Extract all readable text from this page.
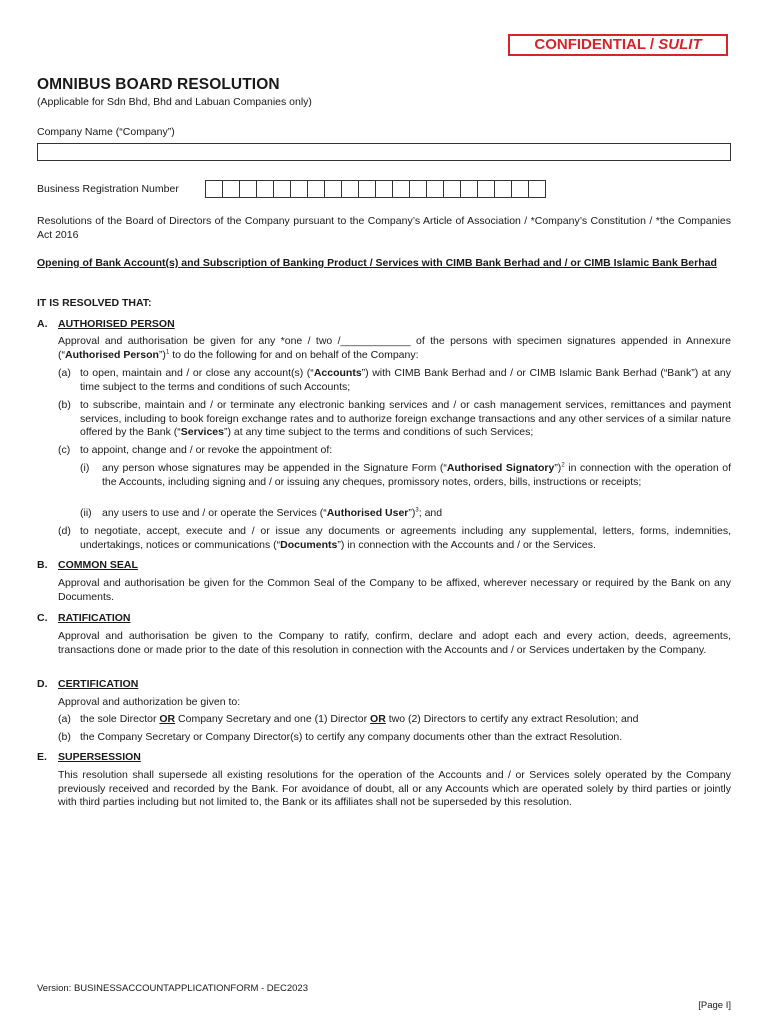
CONFIDENTIAL / SULIT
OMNIBUS BOARD RESOLUTION
(Applicable for Sdn Bhd, Bhd and Labuan Companies only)
Company Name (“Company”)
Business Registration Number
Resolutions of the Board of Directors of the Company pursuant to the Company’s Article of Association / *Company’s Constitution / *the Companies Act 2016
Opening of Bank Account(s) and Subscription of Banking Product / Services with CIMB Bank Berhad and / or CIMB Islamic Bank Berhad
IT IS RESOLVED THAT:
A. AUTHORISED PERSON
Approval and authorisation be given for any *one / two /____________ of the persons with specimen signatures appended in Annexure (“Authorised Person”)$^1$ to do the following for and on behalf of the Company:
(a) to open, maintain and / or close any account(s) (“Accounts”) with CIMB Bank Berhad and / or CIMB Islamic Bank Berhad (“Bank”) at any time subject to the terms and conditions of such Accounts;
(b) to subscribe, maintain and / or terminate any electronic banking services and / or cash management services, remittances and payment services, including to book foreign exchange rates and to authorize foreign exchange transactions and any other services of a similar nature offered by the Bank (“Services”) at any time subject to the terms and conditions of such Services;
(c) to appoint, change and / or revoke the appointment of:
(i) any person whose signatures may be appended in the Signature Form (“Authorised Signatory”)$^2$ in connection with the operation of the Accounts, including signing and / or issuing any cheques, promissory notes, orders, bills, instructions or receipts;
(ii) any users to use and / or operate the Services (“Authorised User”)$^3$; and
(d) to negotiate, accept, execute and / or issue any documents or agreements including any supplemental, letters, forms, indemnities, undertakings, notices or communications (“Documents”) in connection with the Accounts and / or the Services.
B. COMMON SEAL
Approval and authorisation be given for the Common Seal of the Company to be affixed, wherever necessary or required by the Bank on any Documents.
C. RATIFICATION
Approval and authorisation be given to the Company to ratify, confirm, declare and adopt each and every action, deeds, agreements, transactions done or made prior to the date of this resolution in connection with the Accounts and / or Services undertaken by the Company.
D. CERTIFICATION
Approval and authorization be given to:
(a) the sole Director OR Company Secretary and one (1) Director OR two (2) Directors to certify any extract Resolution; and
(b) the Company Secretary or Company Director(s) to certify any company documents other than the extract Resolution.
E. SUPERSESSION
This resolution shall supersede all existing resolutions for the operation of the Accounts and / or Services solely operated by the Company previously received and recorded by the Bank. For avoidance of doubt, all or any Accounts which are operated solely by third parties or jointly with third parties including but not limited to, the Bank or its affiliates shall not be superseded by this resolution.
Version: BUSINESSACCOUNTAPPLICATIONFORM - DEC2023
[Page I]
